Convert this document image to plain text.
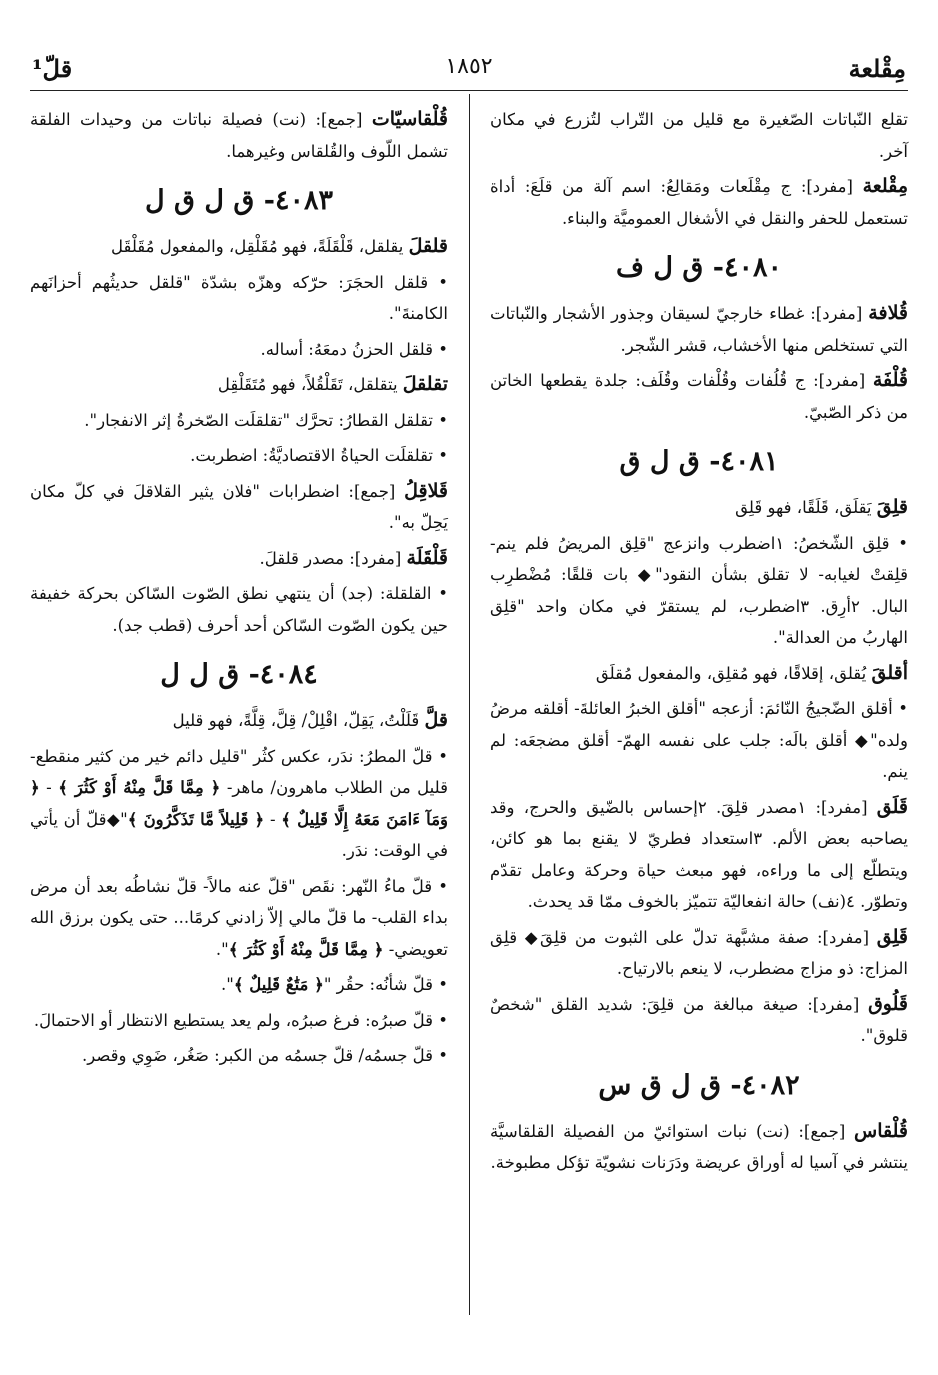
قلّ¹	١٨٥٢	مِقْلعة

تقلع النّباتات الصّغيرة مع قليل من التّراب لتُزرع في مكان آخر.

مِقْلعة [مفرد]: ج مِقْلَعات ومَقالِعُ: اسم آلة من قلَعَ: أداة تستعمل للحفر والنقل في الأشغال العموميَّة والبناء.

٤٠٨٠- ق ل ف

قُلافة [مفرد]: غطاء خارجيّ لسيقان وجذور الأشجار والنّباتات التي تستخلص منها الأخشاب، قشر الشّجر.

قُلْفَة [مفرد]: ج قُلُفات وقُلْفات وقُلَف: جلدة يقطعها الخاتن من ذكر الصّبيّ.

٤٠٨١- ق ل ق

قلِقَ يَقلَق، قَلَقًا، فهو قَلِق

• قلِق الشّخصُ: ١اضطرب وانزعج "قلِق المريضُ فلم ينم- قلِقتْ لغيابه- لا تقلق بشأن النقود"◆ بات قلقًا: مُضْطرِب البال. ٢أرِق. ٣اضطرب، لم يستقرّ في مكان واحد "قلِق الهاربُ من العدالة".

أقلقَ يُقلق، إقلاقًا، فهو مُقلِق، والمفعول مُقلَق

• أقلق الضّجيجُ النّائمَ: أزعجه "أقلق الخبرُ العائلةَ- أقلقه مرضُ ولده"◆ أقلق بالَه: جلب على نفسه الهمّ- أقلق مضجعَه: لم ينم.

قَلَق [مفرد]: ١مصدر قلِقَ. ٢إحساس بالضّيق والحرج، وقد يصاحبه بعض الألم. ٣استعداد فطريّ لا يقنع بما هو كائن، ويتطلّع إلى ما وراءه، فهو مبعث حياة وحركة وعامل تقدّم وتطوّر. ٤(نف) حالة انفعاليّة تتميّز بالخوف ممّا قد يحدث.

قَلِق [مفرد]: صفة مشبَّهة تدلّ على الثبوت من قلِقَ◆ قلِق المزاج: ذو مزاج مضطرب، لا ينعم بالارتياح.

قَلُوق [مفرد]: صيغة مبالغة من قلِقَ: شديد القلق "شخصٌ قلوق".

٤٠٨٢- ق ل ق س

قُلْقاس [جمع]: (نت) نبات استوائيّ من الفصيلة القلقاسيَّة ينتشر في آسيا له أوراق عريضة ودَرَنات نشويّة تؤكل مطبوخة.

قُلْقاسيّات [جمع]: (نت) فصيلة نباتات من وحيدات الفلقة تشمل اللّوف والقُلقاس وغيرهما.

٤٠٨٣- ق ل ق ل

قلقلَ يقلقل، قَلْقَلَةً، فهو مُقَلْقِل، والمفعول مُقَلْقَل

• قلقل الحجَرَ: حرّكه وهزّه بشدّة "قلقل حديثُهم أحزانَهم الكامنةَ".

• قلقل الحزنُ دمعَهُ: أساله.

تقلقلَ يتقلقل، تَقَلْقُلاً، فهو مُتَقَلْقِل

• تقلقل القطارُ: تحرَّك "تقلقلَت الصّخرةُ إثر الانفجار".

• تقلقلَت الحياةُ الاقتصاديَّةُ: اضطربت.

قَلاقِلُ [جمع]: اضطرابات "فلان يثير القلاقلَ في كلّ مكان يَحِلّ به".

قَلْقَلَة [مفرد]: مصدر قلقلَ.

• القلقلة: (جد) أن ينتهي نطق الصّوت السّاكن بحركة خفيفة حين يكون الصّوت السّاكن أحد أحرف (قطب جد).

٤٠٨٤- ق ل ل

قلَّ قَلَلْتُ، يَقِلّ، اقْلِلْ/ قِلَّ، قِلَّةً، فهو قليل

• قلّ المطرُ: ندَر، عكس كثُر "قليل دائم خير من كثير منقطع- قليل من الطلاب ماهرون/ ماهر- ﴿ مِمَّا قَلَّ مِنْهُ أَوْ كَثُرَ ﴾ - ﴿ وَمَآ ءَامَنَ مَعَهُ إِلَّا قَلِيلٌ ﴾ - ﴿ قَلِيلاً مَّا تَذَكَّرُونَ ﴾"◆قلّ أن يأتي في الوقت: ندَر.

• قلّ ماءُ النّهر: نقَص "قلّ عنه مالاً- قلّ نشاطُه بعد أن مرض بداء القلب- ما قلّ مالي إلاّ زادني كرمًا... حتى يكون برزق الله تعويضي- ﴿ مِمَّا قَلَّ مِنْهُ أَوْ كَثُرَ ﴾".

• قلّ شأنُه: حقُر "﴿ مَتَٰعٌ قَلِيلٌ ﴾".

• قلّ صبرُه: فرغ صبرُه، ولم يعد يستطيع الانتظار أو الاحتمالَ.

• قلّ جسمُه/ قلّ جسمُه من الكبر: صَغُر، ضَوِي وقصر.
